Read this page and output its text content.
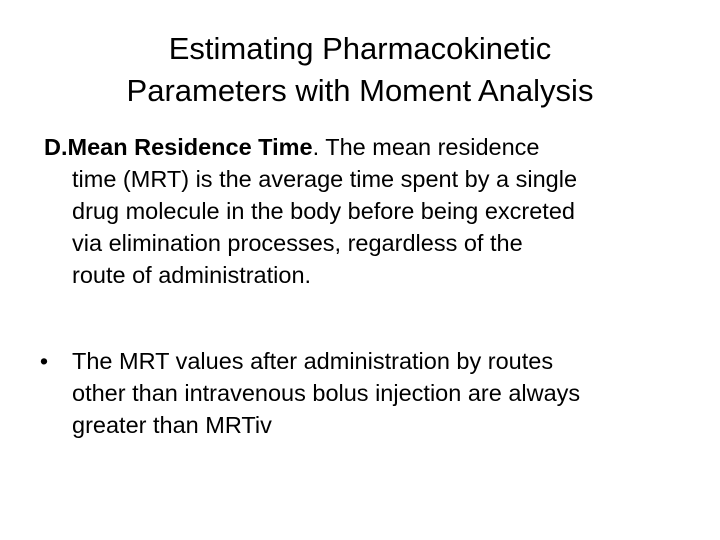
Estimating Pharmacokinetic
Parameters with Moment Analysis
D.Mean Residence Time. The mean residence
time (MRT) is the average time spent by a single
drug molecule in the body before being excreted
via elimination processes, regardless of the
route of administration.
•	The MRT values after administration by routes
other than intravenous bolus injection are always
greater than MRTiv
